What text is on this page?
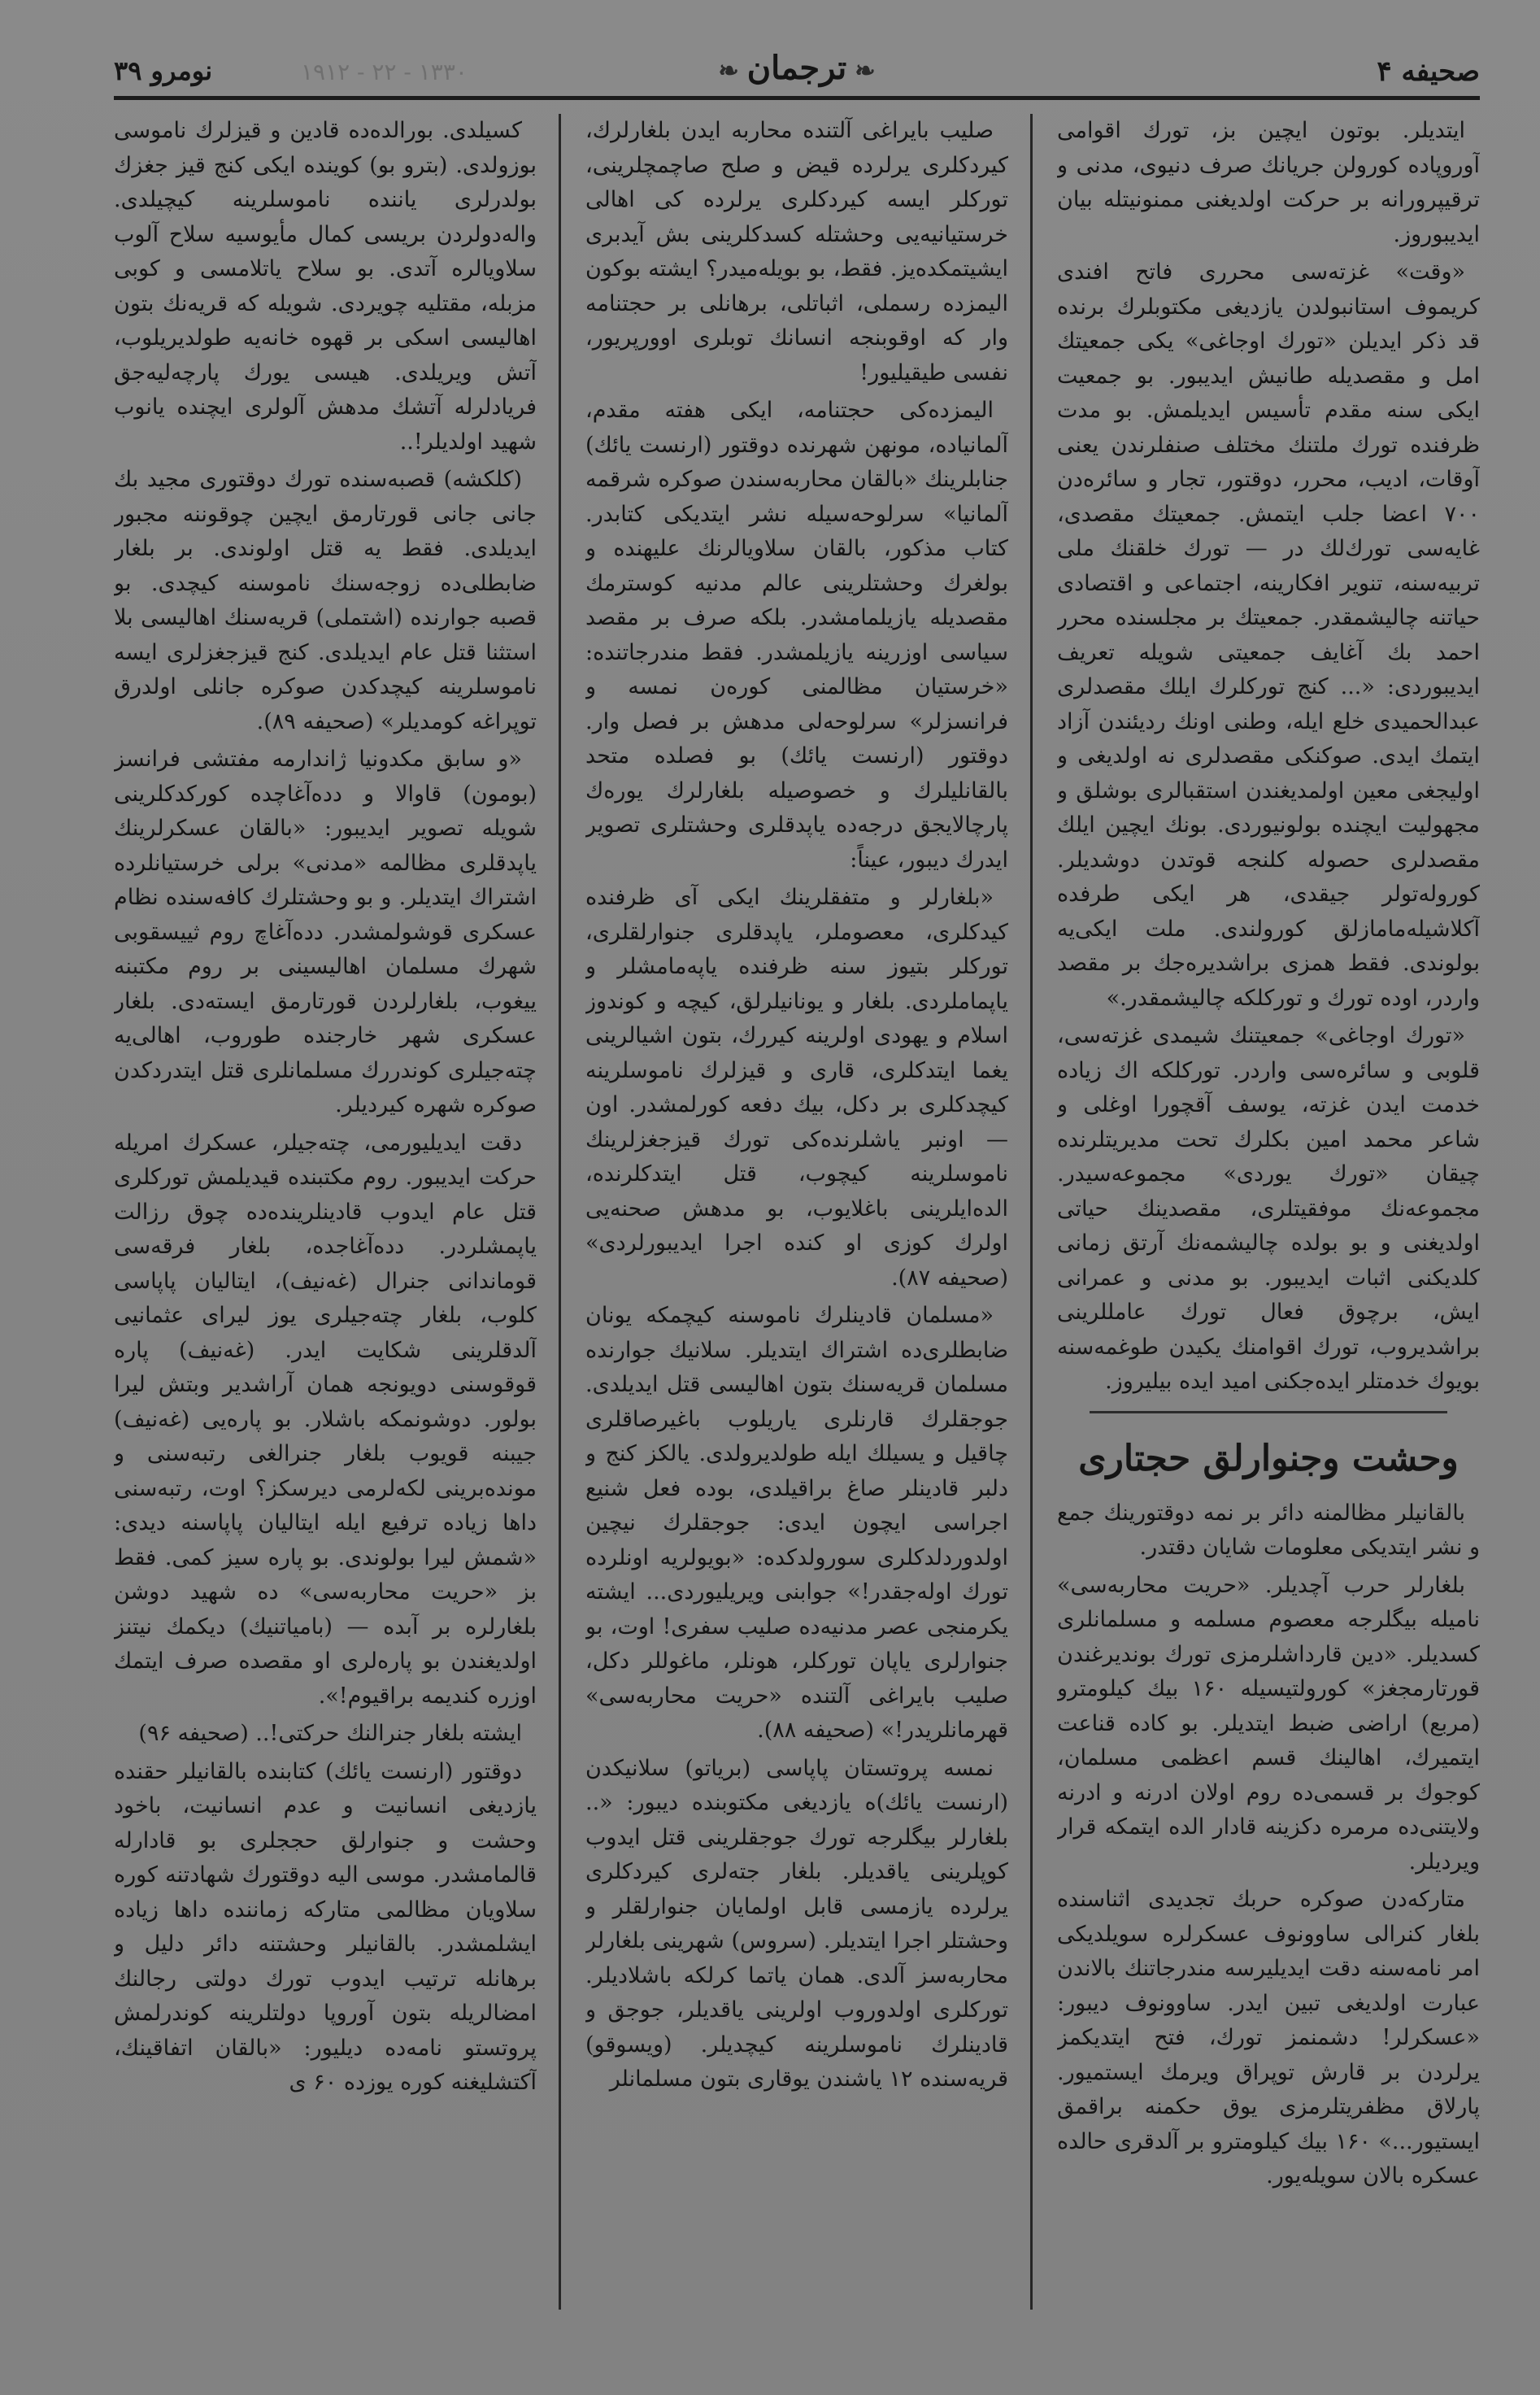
صحیفه ۴
❧ ترجمان ❧
۱۹۱۲ - ۲۲ - ۱۳۳۰
نومرو ۳۹

ایتدیلر. بوتون ایچین بز، تورك اقوامی آوروپاده کورولن جریانك صرف دنیوی، مدنی و ترقیپرورانه بر حرکت اولدیغنی ممنونیتله بیان ایدیبوروز.

«وقت» غزته‌سی محرری فاتح افندی کریموف استانبولدن یازدیغی مکتوبلرك برنده قد ذکر ایدیلن «تورك اوجاغی» یکی جمعیتك امل و مقصدیله طانیش ایدیبور. بو جمعیت ایکی سنه مقدم تأسیس ایدیلمش. بو مدت ظرفنده تورك ملتنك مختلف صنفلرندن یعنی آوقات، ادیب، محرر، دوقتور، تجار و سائره‌دن ۷۰۰ اعضا جلب ایتمش. جمعیتك مقصدی، غایه‌سی تورك‌لك در — تورك خلقنك ملی تربیه‌سنه، تنویر افکارینه، اجتماعی و اقتصادی حیاتنه چالیشمقدر. جمعیتك بر مجلسنده محرر احمد بك آغایف جمعیتی شویله تعریف ایدیبوردی: «... کنج تورکلرك ایلك مقصدلری عبدالحمیدی خلع ایله، وطنی اونك ردیئندن آزاد ایتمك ایدی. صوکنکی مقصدلری نه اولدیغی و اولیجغی معین اولمدیغندن استقبالری بوشلق و مجهولیت ایچنده بولونیوردی. بونك ایچین ایلك مقصدلری حصوله کلنجه قوتدن دوشدیلر. کوروله‌تولر جیقدی، هر ایکی طرفده آکلاشیله‌مامازلق کورولندی. ملت ایکی‌یه بولوندی. فقط همزی براشدیره‌جك بر مقصد واردر، اوده تورك و تورکلکه چالیشمقدر.»

«تورك اوجاغی» جمعیتنك شیمدی غزته‌سی، قلوبی و سائره‌سی واردر. تورکلکه اك زیاده خدمت ایدن غزته، یوسف آقچورا اوغلی و شاعر محمد امین بکلرك تحت مدیریتلرنده چیقان «تورك یوردی» مجموعه‌سیدر. مجموعه‌نك موفقیتلری، مقصدینك حیاتی اولدیغنی و بو بولده چالیشمه‌نك آرتق زمانی کلدیکنی اثبات ایدیبور. بو مدنی و عمرانی ایش، برچوق فعال تورك عامللرینی براشدیروب، تورك اقوامنك یکیدن طوغمه‌سنه بویوك خدمتلر ایده‌جکنی امید ایده بیلیروز.

وحشت وجنوارلق حجتاری

بالقانیلر مظالمنه دائر بر نمه دوقتورینك جمع و نشر ایتدیکی معلومات شایان دقتدر.

بلغارلر حرب آچدیلر. «حریت محاربه‌سی» نامیله بیگلرجه معصوم مسلمه و مسلمانلری کسدیلر. «دین قارداشلرمزی تورك بوندیرغندن قورتارمجغز» کورولتیسیله ۱۶۰ بیك کیلومترو (مربع) اراضی ضبط ایتدیلر. بو کاده قناعت ایتمیرك، اهالینك قسم اعظمی مسلمان، کوجوك بر قسمی‌ده روم اولان ادرنه و ادرنه ولایتنی‌ده مرمره دکزینه قادار الده ایتمکه قرار ویردیلر.

متارکه‌دن صوکره حربك تجدیدی اثناسنده بلغار کنرالی ساوونوف عسکرلره سویلدیکی امر نامه‌سنه دقت ایدیلیرسه مندرجاتنك بالاندن عبارت اولدیغی تبین ایدر. ساوونوف دیبور: «عسکرلر! دشمنمز تورك، فتح ایتدیکمز یرلردن بر قارش توپراق ویرمك ایستمیور. پارلاق مظفریتلرمزی یوق حکمنه براقمق ایستیور...» ۱۶۰ بیك کیلومترو بر آلدقری حالده عسکره بالان سویله‌یور.

صلیب بایراغی آلتنده محاربه ایدن بلغارلرك، کیردکلری یرلرده قیض و صلح صاچمچلرینی، تورکلر ایسه کیردکلری یرلرده کی اهالی خرستیانیه‌یی وحشتله کسدکلرینی بش آیدبری ایشیتمکده‌یز. فقط، بو بویله‌میدر؟ ایشته بوکون الیمزده رسملی، اثباتلی، برهانلی بر حجتنامه وار که اوقوبنجه انسانك توبلری اوورپریور، نفسی طیقیلیور!

الیمزده‌کی حجتنامه، ایکی هفته مقدم، آلمانیاده، مونهن شهرنده دوقتور (ارنست یائك) جنابلرینك «بالقان محاربه‌سندن صوکره شرقمه آلمانیا» سرلوحه‌سیله نشر ایتدیکی کتابدر. کتاب مذکور، بالقان سلاویالرنك علیهنده و بولغرك وحشتلرینی عالم مدنیه کوسترمك مقصدیله یازیلمامشدر. بلکه صرف بر مقصد سیاسی اوزرینه یازیلمشدر. فقط مندرجاتنده: «خرستیان مظالمنی کوره‌ن نمسه و فرانسزلر» سرلوحه‌لی مدهش بر فصل وار. دوقتور (ارنست یائك) بو فصلده متحد بالقانلیلرك و خصوصیله بلغارلرك یوره‌ك پارچالایجق درجه‌ده یاپدقلری وحشتلری تصویر ایدرك دیبور، عیناً:

«بلغارلر و متفقلرینك ایکی آی ظرفنده کیدکلری، معصوملر، یاپدقلری جنوارلقلری، تورکلر بتیوز سنه ظرفنده یاپه‌مامشلر و یاپماملردی. بلغار و یونانیلرلق، کیچه و کوندوز اسلام و یهودی اولرینه کیررك، بتون اشیالرینی یغما ایتدکلری، قاری و قیزلرك ناموسلرینه کیچدکلری بر دکل، بیك دفعه کورلمشدر. اون — اونبر یاشلرنده‌کی تورك قیزجغزلرینك ناموسلرینه کیچوب، قتل ایتدکلرنده، الده‌ایلرینی باغلایوب، بو مدهش صحنه‌یی اولرك کوزی او کنده اجرا ایدیبورلردی» (صحیفه ۸۷).

«مسلمان قادینلرك ناموسنه کیچمکه یونان ضابطلری‌ده اشتراك ایتدیلر. سلانیك جوارنده مسلمان قریه‌سنك بتون اهالیسی قتل ایدیلدی. جوجقلرك قارنلری یاریلوب باغیرصاقلری چاقیل و یسیلك ایله طولدیرولدی. یالکز کنج و دلبر قادینلر صاغ براقیلدی، بوده فعل شنیع اجراسی ایچون ایدی: جوجقلرك نیچین اولدوردلدکلری سورولدکده: «بویولریه اونلرده تورك اوله‌جقدر!» جوابنی ویریلیوردی... ایشته یکرمنجی عصر مدنیه‌ده صلیب سفری! اوت، بو جنوارلری یاپان تورکلر، هونلر، ماغوللر دکل، صلیب بایراغی آلتنده «حریت محاربه‌سی» قهرمانلریدر!» (صحیفه ۸۸).

نمسه پروتستان پاپاسی (بریاتو) سلانیکدن (ارنست یائك)ه یازدیغی مکتوبنده دیبور: «.. بلغارلر بیگلرجه تورك جوجقلرینی قتل ایدوب کوپلرینی یاقدیلر. بلغار جته‌لری کیردکلری یرلرده یازمسی قابل اولمایان جنوارلقلر و وحشتلر اجرا ایتدیلر. (سروس) شهرینی بلغارلر محاربه‌سز آلدی. همان یاتما کرلکه باشلادیلر. تورکلری اولدوروب اولرینی یاقدیلر، جوجق و قادینلرك ناموسلرینه کیچدیلر. (ویسوقو) قریه‌سنده ۱۲ یاشندن یوقاری بتون مسلمانلر

کسیلدی. بورالده‌ده قادین و قیزلرك ناموسی بوزولدی. (بترو بو) کوینده ایکی کنج قیز جغزك بولدرلری یاننده ناموسلرینه کیچیلدی. واله‌دولردن بریسی کمال مأیوسیه سلاح آلوب سلاویالره آتدی. بو سلاح یاتلامسی و کوبی مزبله، مقتلیه چویردی. شویله که قریه‌نك بتون اهالیسی اسکی بر قهوه خانه‌یه طولدیریلوب، آتش ویریلدی. هیسی یورك پارچه‌لیه‌جق فریادلرله آتشك مدهش آلولری ایچنده یانوب شهید اولدیلر!..

(کلکشه) قصبه‌سنده تورك دوقتوری مجید بك جانی جانی قورتارمق ایچین چوقوننه مجبور ایدیلدی. فقط یه قتل اولوندی. بر بلغار ضابطلی‌ده زوجه‌سنك ناموسنه کیچدی. بو قصبه جوارنده (اشتملی) قریه‌سنك اهالیسی بلا استثنا قتل عام ایدیلدی. کنج قیزجغزلری ایسه ناموسلرینه کیچدکدن صوکره جانلی اولدرق توپراغه کومدیلر» (صحیفه ۸۹).

«و سابق مکدونیا ژاندارمه مفتشی فرانسز (بومون) قاوالا و دده‌آغاچده کورکدکلرینی شویله تصویر ایدیبور: «بالقان عسکرلرینك یاپدقلری مظالمه «مدنی» برلی خرستیانلرده اشتراك ایتدیلر. و بو وحشتلرك کافه‌سنده نظام عسکری قوشولمشدر. دده‌آغاچ روم ثییسقوبی شهرك مسلمان اهالیسینی بر روم مکتبنه ییغوب، بلغارلردن قورتارمق ایسته‌دی. بلغار عسکری شهر خارجنده طوروب، اهالی‌یه چته‌جیلری کوندررك مسلمانلری قتل ایتدردکدن صوکره شهره کیردیلر.

دقت ایدیلیورمی، چته‌جیلر، عسکرك امریله حرکت ایدیبور. روم مکتبنده قیدیلمش تورکلری قتل عام ایدوب قادینلرینده‌ده چوق رزالت یاپمشلردر. دده‌آغاجده، بلغار فرقه‌سی قوماندانی جنرال (غه‌نیف)، ایتالیان پاپاسی کلوب، بلغار چته‌جیلری یوز لیرای عثمانیی آلدقلرینی شکایت ایدر. (غه‌نیف) پاره قوقوسنی دویونجه همان آراشدیر وبتش لیرا بولور. دوشونمکه باشلار. بو پاره‌یی (غه‌نیف) جیبنه قویوب بلغار جنرالغی رتبه‌سنی و مونده‌برینی لکه‌لرمی دیرسکز؟ اوت، رتبه‌سنی داها زیاده ترفیع ایله ایتالیان پاپاسنه دیدی: «شمش لیرا بولوندی. بو پاره سیز کمی. فقط بز «حریت محاربه‌سی» ده شهید دوشن بلغارلره بر آبده — (بامیاتنیك) دیکمك نیتنز اولدیغندن بو پاره‌لری او مقصده صرف ایتمك اوزره کندیمه براقیوم!».

ایشته بلغار جنرالنك حرکتی!.. (صحیفه ۹۶)

دوقتور (ارنست یائك) کتابنده بالقانیلر حقنده یازدیغی انسانیت و عدم انسانیت، باخود وحشت و جنوارلق حججلری بو قادارله قالمامشدر. موسی الیه دوقتورك شهادتنه کوره سلاویان مظالمی متارکه زماننده داها زیاده ایشلمشدر. بالقانیلر وحشتنه دائر دلیل و برهانله ترتیب ایدوب تورك دولتی رجالنك امضالریله بتون آوروپا دولتلرینه کوندرلمش پروتستو نامه‌ده دیلیور: «بالقان اتفاقینك، آکتشلیغنه کوره یوزده ۶۰ ی
